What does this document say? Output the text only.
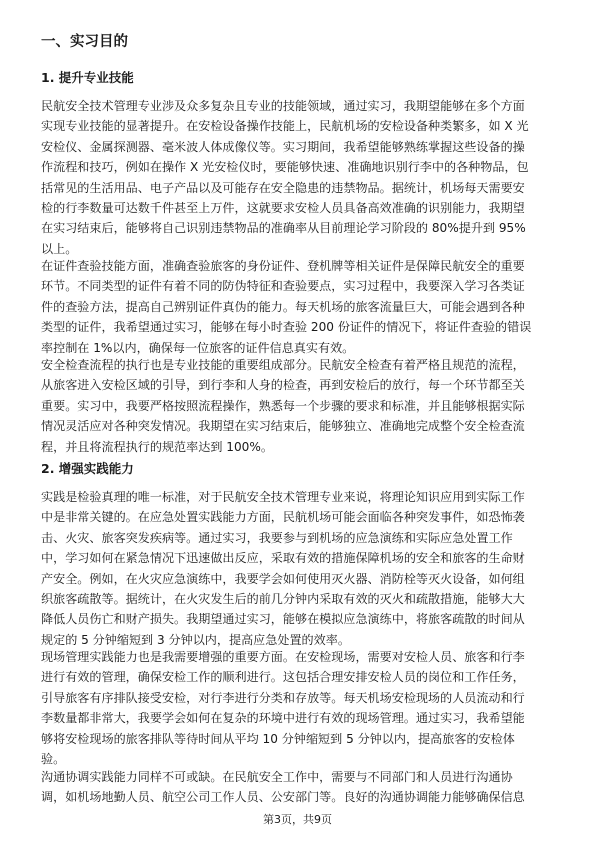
一、实习目的
1. 提升专业技能
民航安全技术管理专业涉及众多复杂且专业的技能领域，通过实习，我期望能够在多个方面
实现专业技能的显著提升。在安检设备操作技能上，民航机场的安检设备种类繁多，如 X 光
安检仪、金属探测器、毫米波人体成像仪等。实习期间，我希望能够熟练掌握这些设备的操
作流程和技巧，例如在操作 X 光安检仪时，要能够快速、准确地识别行李中的各种物品，包
括常见的生活用品、电子产品以及可能存在安全隐患的违禁物品。据统计，机场每天需要安
检的行李数量可达数千件甚至上万件，这就要求安检人员具备高效准确的识别能力，我期望
在实习结束后，能够将自己识别违禁物品的准确率从目前理论学习阶段的 80%提升到 95%
以上。
在证件查验技能方面，准确查验旅客的身份证件、登机牌等相关证件是保障民航安全的重要
环节。不同类型的证件有着不同的防伪特征和查验要点，实习过程中，我要深入学习各类证
件的查验方法，提高自己辨别证件真伪的能力。每天机场的旅客流量巨大，可能会遇到各种
类型的证件，我希望通过实习，能够在每小时查验 200 份证件的情况下，将证件查验的错误
率控制在 1%以内，确保每一位旅客的证件信息真实有效。
安全检查流程的执行也是专业技能的重要组成部分。民航安全检查有着严格且规范的流程，
从旅客进入安检区域的引导，到行李和人身的检查，再到安检后的放行，每一个环节都至关
重要。实习中，我要严格按照流程操作，熟悉每一个步骤的要求和标准，并且能够根据实际
情况灵活应对各种突发情况。我期望在实习结束后，能够独立、准确地完成整个安全检查流
程，并且将流程执行的规范率达到 100%。
2. 增强实践能力
实践是检验真理的唯一标准，对于民航安全技术管理专业来说，将理论知识应用到实际工作
中是非常关键的。在应急处置实践能力方面，民航机场可能会面临各种突发事件，如恐怖袭
击、火灾、旅客突发疾病等。通过实习，我要参与到机场的应急演练和实际应急处置工作
中，学习如何在紧急情况下迅速做出反应，采取有效的措施保障机场的安全和旅客的生命财
产安全。例如，在火灾应急演练中，我要学会如何使用灭火器、消防栓等灭火设备，如何组
织旅客疏散等。据统计，在火灾发生后的前几分钟内采取有效的灭火和疏散措施，能够大大
降低人员伤亡和财产损失。我期望通过实习，能够在模拟应急演练中，将旅客疏散的时间从
规定的 5 分钟缩短到 3 分钟以内，提高应急处置的效率。
现场管理实践能力也是我需要增强的重要方面。在安检现场，需要对安检人员、旅客和行李
进行有效的管理，确保安检工作的顺利进行。这包括合理安排安检人员的岗位和工作任务，
引导旅客有序排队接受安检，对行李进行分类和存放等。每天机场安检现场的人员流动和行
李数量都非常大，我要学会如何在复杂的环境中进行有效的现场管理。通过实习，我希望能
够将安检现场的旅客排队等待时间从平均 10 分钟缩短到 5 分钟以内，提高旅客的安检体
验。
沟通协调实践能力同样不可或缺。在民航安全工作中，需要与不同部门和人员进行沟通协
调，如机场地勤人员、航空公司工作人员、公安部门等。良好的沟通协调能力能够确保信息
第3页，共9页
